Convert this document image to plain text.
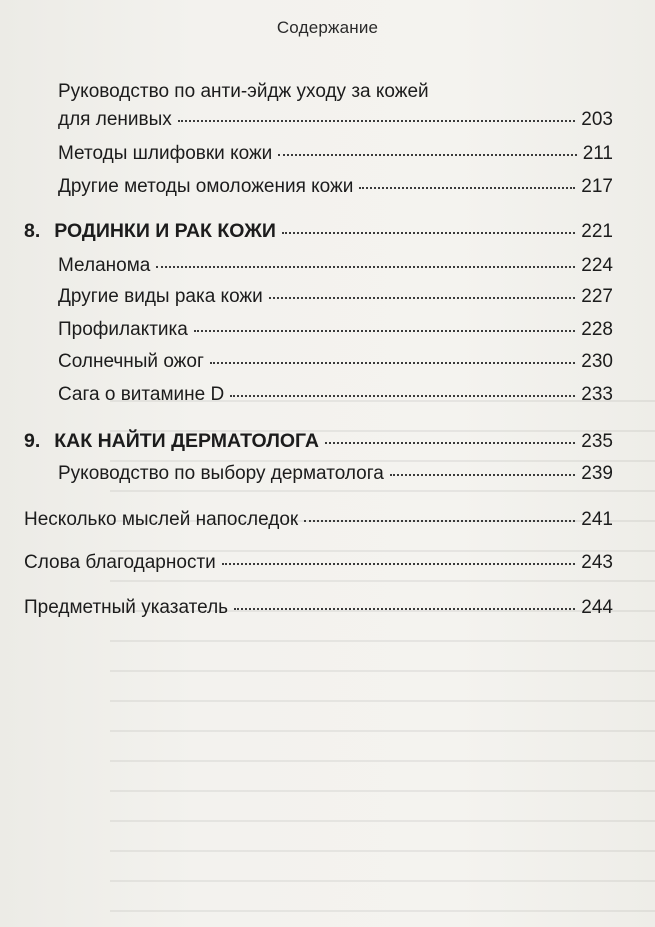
Содержание
Руководство по анти-эйдж уходу за кожей
для ленивых	203
Методы шлифовки кожи	211
Другие методы омоложения кожи	217
8. РОДИНКИ И РАК КОЖИ	221
Меланома	224
Другие виды рака кожи	227
Профилактика	228
Солнечный ожог	230
Сага о витамине D	233
9. КАК НАЙТИ ДЕРМАТОЛОГА	235
Руководство по выбору дерматолога	239
Несколько мыслей напоследок	241
Слова благодарности	243
Предметный указатель	244
